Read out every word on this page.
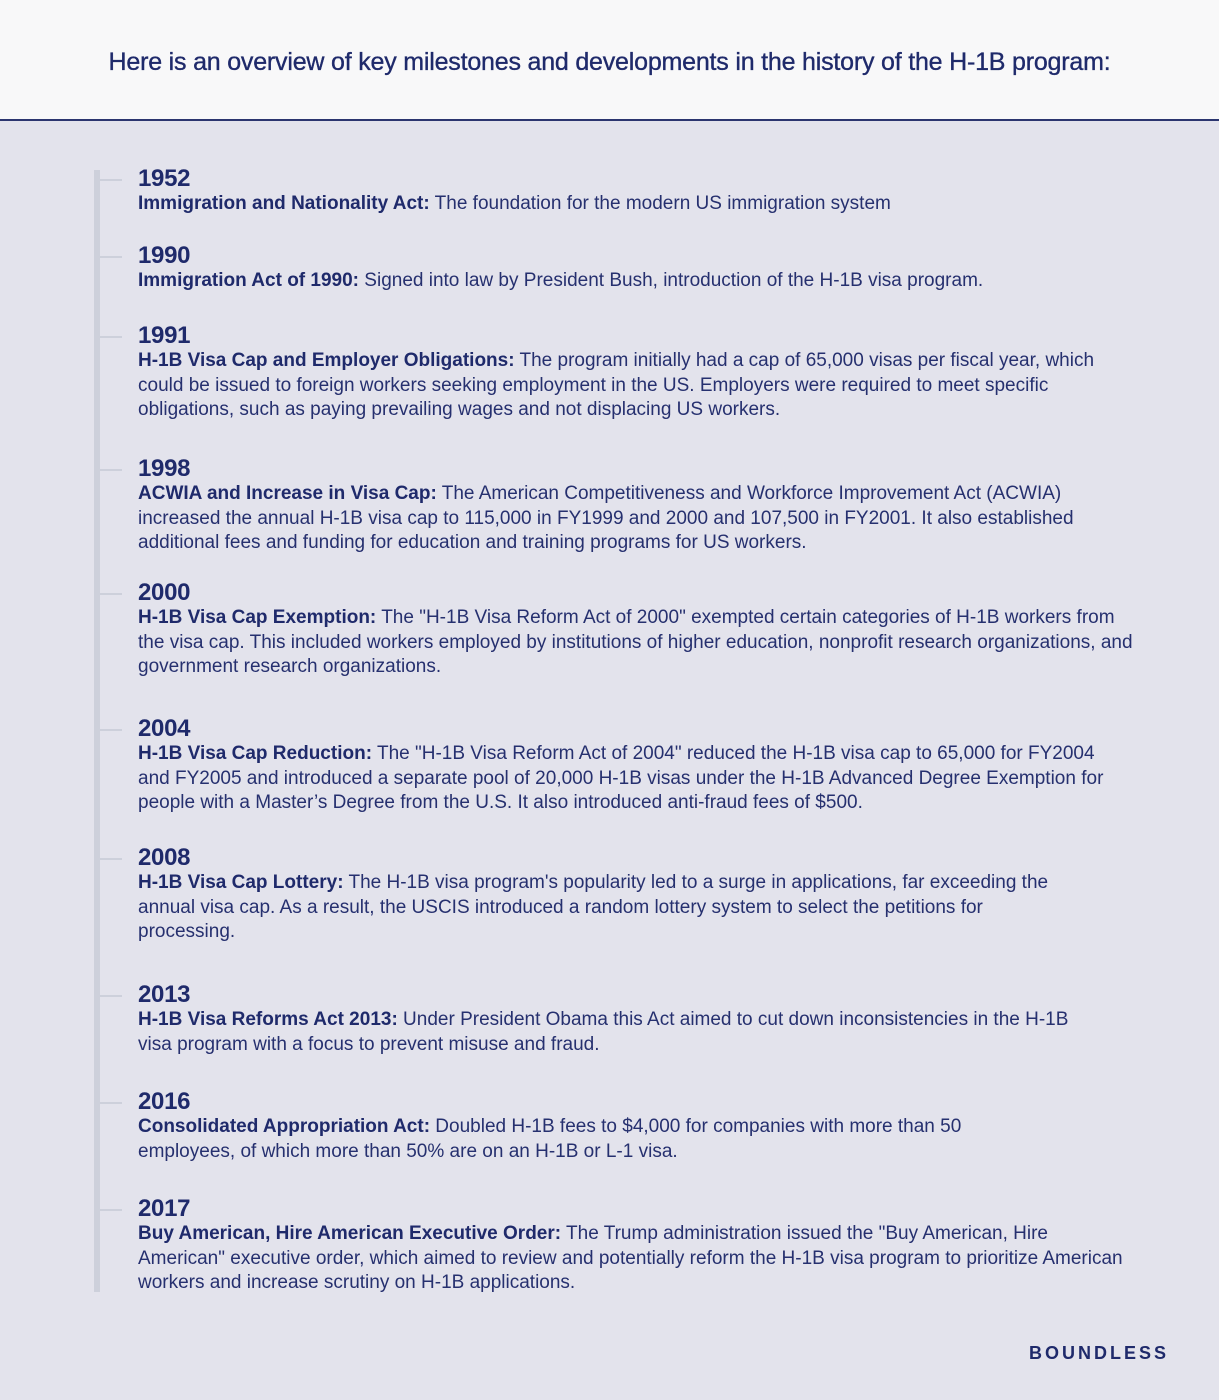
Here is an overview of key milestones and developments in the history of the H-1B program:
1952
Immigration and Nationality Act: The foundation for the modern US immigration system
1990
Immigration Act of 1990: Signed into law by President Bush, introduction of the H-1B visa program.
1991
H-1B Visa Cap and Employer Obligations: The program initially had a cap of 65,000 visas per fiscal year, which could be issued to foreign workers seeking employment in the US. Employers were required to meet specific obligations, such as paying prevailing wages and not displacing US workers.
1998
ACWIA and Increase in Visa Cap: The American Competitiveness and Workforce Improvement Act (ACWIA) increased the annual H-1B visa cap to 115,000 in FY1999 and 2000 and 107,500 in FY2001. It also established additional fees and funding for education and training programs for US workers.
2000
H-1B Visa Cap Exemption: The "H-1B Visa Reform Act of 2000" exempted certain categories of H-1B workers from the visa cap. This included workers employed by institutions of higher education, nonprofit research organizations, and government research organizations.
2004
H-1B Visa Cap Reduction: The "H-1B Visa Reform Act of 2004" reduced the H-1B visa cap to 65,000 for FY2004 and FY2005 and introduced a separate pool of 20,000 H-1B visas under the H-1B Advanced Degree Exemption for people with a Master’s Degree from the U.S. It also introduced anti-fraud fees of $500.
2008
H-1B Visa Cap Lottery: The H-1B visa program's popularity led to a surge in applications, far exceeding the annual visa cap. As a result, the USCIS introduced a random lottery system to select the petitions for processing.
2013
H-1B Visa Reforms Act 2013: Under President Obama this Act aimed to cut down inconsistencies in the H-1B visa program with a focus to prevent misuse and fraud.
2016
Consolidated Appropriation Act: Doubled H-1B fees to $4,000 for companies with more than 50 employees, of which more than 50% are on an H-1B or L-1 visa.
2017
Buy American, Hire American Executive Order: The Trump administration issued the "Buy American, Hire American" executive order, which aimed to review and potentially reform the H-1B visa program to prioritize American workers and increase scrutiny on H-1B applications.
BOUNDLESS
